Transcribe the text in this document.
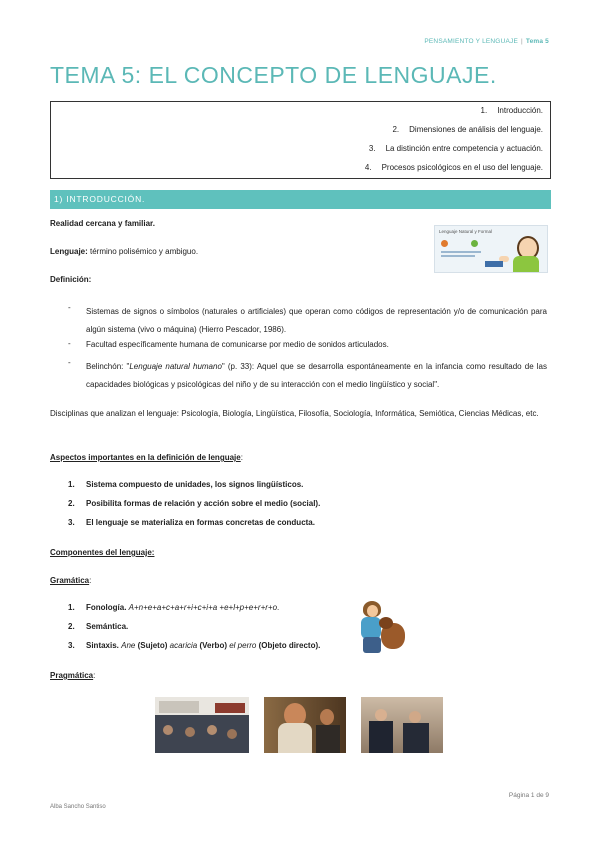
PENSAMIENTO Y LENGUAJE | Tema 5
TEMA 5: EL CONCEPTO DE LENGUAJE.
1. Introducción.
2. Dimensiones de análisis del lenguaje.
3. La distinción entre competencia y actuación.
4. Procesos psicológicos en el uso del lenguaje.
1) INTRODUCCIÓN.
Lenguaje Natural y Formal
Realidad cercana y familiar.
Lenguaje: término polisémico y ambiguo.
Definición:
- Sistemas de signos o símbolos (naturales o artificiales) que operan como códigos de representación y/o de comunicación para algún sistema (vivo o máquina) (Hierro Pescador, 1986).
- Facultad específicamente humana de comunicarse por medio de sonidos articulados.
- Belinchón: "Lenguaje natural humano" (p. 33): Aquel que se desarrolla espontáneamente en la infancia como resultado de las capacidades biológicas y psicológicas del niño y de su interacción con el medio lingüístico y social".
Disciplinas que analizan el lenguaje: Psicología, Biología, Lingüística, Filosofía, Sociología, Informática, Semiótica, Ciencias Médicas, etc.
Aspectos importantes en la definición de lenguaje:
1. Sistema compuesto de unidades, los signos lingüísticos.
2. Posibilita formas de relación y acción sobre el medio (social).
3. El lenguaje se materializa en formas concretas de conducta.
Componentes del lenguaje:
Gramática:
1. Fonología. A+n+e+a+c+a+r+i+c+i+a +e+l+p+e+r+r+o.
2. Semántica.
3. Sintaxis. Ane (Sujeto) acaricia (Verbo) el perro (Objeto directo).
Pragmática:
Página 1 de 9
Alba Sancho Santiso
